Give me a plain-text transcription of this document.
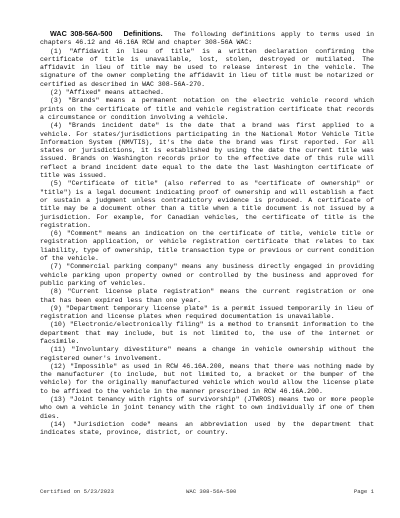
WAC 308-56A-500 Definitions. The following definitions apply to terms used in chapters 46.12 and 46.16A RCW and chapter 308-56A WAC:

(1) "Affidavit in lieu of title" is a written declaration confirming the certificate of title is unavailable, lost, stolen, destroyed or mutilated. The affidavit in lieu of title may be used to release interest in the vehicle. The signature of the owner completing the affidavit in lieu of title must be notarized or certified as described in WAC 308-56A-270.

(2) "Affixed" means attached.

(3) "Brands" means a permanent notation on the electric vehicle record which prints on the certificate of title and vehicle registration certificate that records a circumstance or condition involving a vehicle.

(4) "Brands incident date" is the date that a brand was first applied to a vehicle. For states/jurisdictions participating in the National Motor Vehicle Title Information System (NMVTIS), it's the date the brand was first reported. For all states or jurisdictions, it is established by using the date the current title was issued. Brands on Washington records prior to the effective date of this rule will reflect a brand incident date equal to the date the last Washington certificate of title was issued.

(5) "Certificate of title" (also referred to as "certificate of ownership" or "title") is a legal document indicating proof of ownership and will establish a fact or sustain a judgment unless contradictory evidence is produced. A certificate of title may be a document other than a title when a title document is not issued by a jurisdiction. For example, for Canadian vehicles, the certificate of title is the registration.

(6) "Comment" means an indication on the certificate of title, vehicle title or registration application, or vehicle registration certificate that relates to tax liability, type of ownership, title transaction type or previous or current condition of the vehicle.

(7) "Commercial parking company" means any business directly engaged in providing vehicle parking upon property owned or controlled by the business and approved for public parking of vehicles.

(8) "Current license plate registration" means the current registration or one that has been expired less than one year.

(9) "Department temporary license plate" is a permit issued temporarily in lieu of registration and license plates when required documentation is unavailable.

(10) "Electronic/electronically filing" is a method to transmit information to the department that may include, but is not limited to, the use of the internet or facsimile.

(11) "Involuntary divestiture" means a change in vehicle ownership without the registered owner's involvement.

(12) "Impossible" as used in RCW 46.16A.200, means that there was nothing made by the manufacturer (to include, but not limited to, a bracket or the bumper of the vehicle) for the originally manufactured vehicle which would allow the license plate to be affixed to the vehicle in the manner prescribed in RCW 46.16A.200.

(13) "Joint tenancy with rights of survivorship" (JTWROS) means two or more people who own a vehicle in joint tenancy with the right to own individually if one of them dies.

(14) "Jurisdiction code" means an abbreviation used by the department that indicates state, province, district, or country.

Certified on 5/23/2023	WAC 308-56A-500	Page 1
